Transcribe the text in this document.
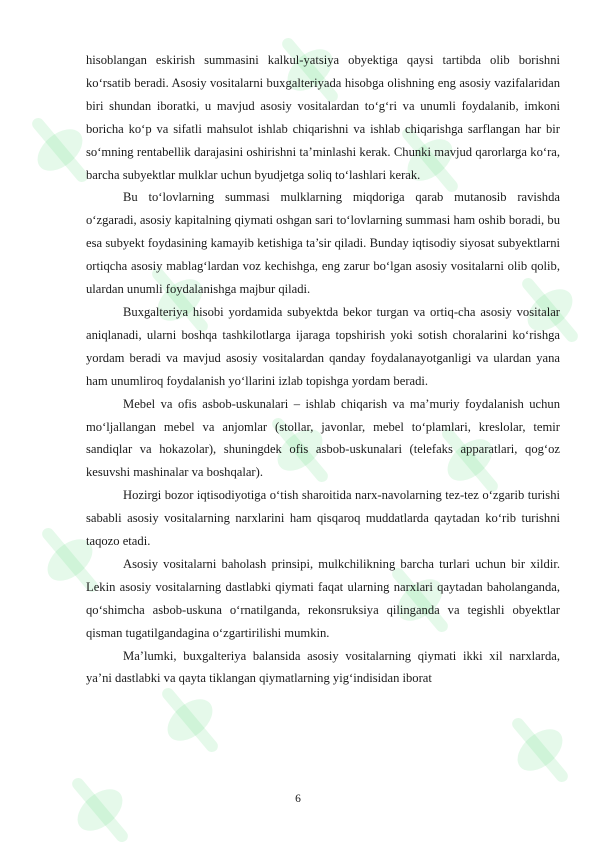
hisoblangan eskirish summasini kalkul-yatsiya obyektiga qaysi tartibda olib borishni ko‘rsatib beradi. Asosiy vositalarni buxgalteriyada hisobga olishning eng asosiy vazifalaridan biri shundan iboratki, u mavjud asosiy vositalardan to‘g‘ri va unumli foydalanib, imkoni boricha ko‘p va sifatli mahsulot ishlab chiqarishni va ishlab chiqarishga sarflangan har bir so‘mning rentabellik darajasini oshirishni ta’minlashi kerak. Chunki mavjud qarorlarga ko‘ra, barcha subyektlar mulklar uchun byudjetga soliq to‘lashlari kerak.

Bu to‘lovlarning summasi mulklarning miqdoriga qarab mutanosib ravishda o‘zgaradi, asosiy kapitalning qiymati oshgan sari to‘lovlarning summasi ham oshib boradi, bu esa subyekt foydasining kamayib ketishiga ta’sir qiladi. Bunday iqtisodiy siyosat subyektlarni ortiqcha asosiy mablag‘lardan voz kechishga, eng zarur bo‘lgan asosiy vositalarni olib qolib, ulardan unumli foydalanishga majbur qiladi.

Buxgalteriya hisobi yordamida subyektda bekor turgan va ortiq-cha asosiy vositalar aniqlanadi, ularni boshqa tashkilotlarga ijaraga topshirish yoki sotish choralarini ko‘rishga yordam beradi va mavjud asosiy vositalardan qanday foydalanayotganligi va ulardan yana ham unumliroq foydalanish yo‘llarini izlab topishga yordam beradi.

Mebel va ofis asbob-uskunalari – ishlab chiqarish va ma’muriy foydalanish uchun mo‘ljallangan mebel va anjomlar (stollar, javonlar, mebel to‘plamlari, kreslolar, temir sandiqlar va hokazolar), shuningdek ofis asbob-uskunalari (telefaks apparatlari, qog‘oz kesuvshi mashinalar va boshqalar).

Hozirgi bozor iqtisodiyotiga o‘tish sharoitida narx-navolarning tez-tez o‘zgarib turishi sababli asosiy vositalarning narxlarini ham qisqaroq muddatlarda qaytadan ko‘rib turishni taqozo etadi.

Asosiy vositalarni baholash prinsipi, mulkchilikning barcha turlari uchun bir xildir. Lekin asosiy vositalarning dastlabki qiymati faqat ularning narxlari qaytadan baholanganda, qo‘shimcha asbob-uskuna o‘rnatilganda, rekonsruksiya qilinganda va tegishli obyektlar qisman tugatilgandagina o‘zgartirilishi mumkin.

Ma’lumki, buxgalteriya balansida asosiy vositalarning qiymati ikki xil narxlarda, ya’ni dastlabki va qayta tiklangan qiymatlarning yig‘indisidan iborat

6
